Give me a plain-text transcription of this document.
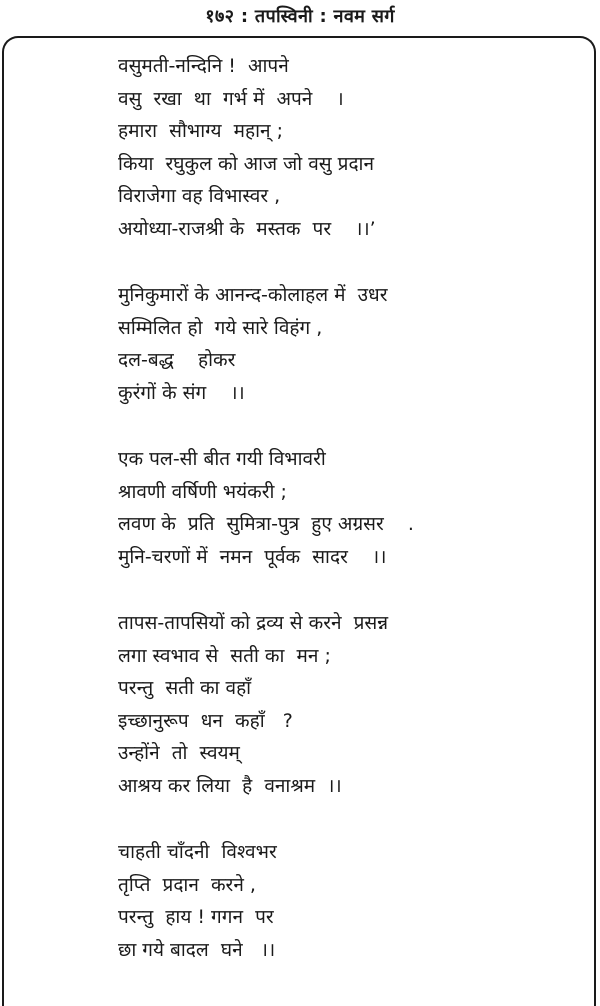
१७२ : तपस्विनी : नवम सर्ग
वसुमती-नन्दिनि !  आपने
वसु  रखा  था  गर्भ में  अपने    ।
हमारा  सौभाग्य  महान् ;
किया  रघुकुल को आज जो वसु प्रदान
विराजेगा वह विभास्वर ,
अयोध्या-राजश्री के  मस्तक  पर    ।।’
मुनिकुमारों के आनन्द-कोलाहल में  उधर
सम्मिलित हो  गये सारे विहंग ,
दल-बद्ध    होकर
कुरंगों के संग    ।।
एक पल-सी बीत गयी विभावरी
श्रावणी वर्षिणी भयंकरी ;
लवण के  प्रति  सुमित्रा-पुत्र  हुए अग्रसर    .
मुनि-चरणों में  नमन  पूर्वक  सादर    ।।
तापस-तापसियों को द्रव्य से करने  प्रसन्न
लगा स्वभाव से  सती का  मन ;
परन्तु  सती का वहाँ
इच्छानुरूप  धन  कहाँ   ?
उन्होंने  तो  स्वयम्
आश्रय कर लिया  है  वनाश्रम  ।।
चाहती चाँदनी  विश्वभर
तृप्ति  प्रदान  करने ,
परन्तु  हाय ! गगन  पर
छा गये बादल  घने   ।।
